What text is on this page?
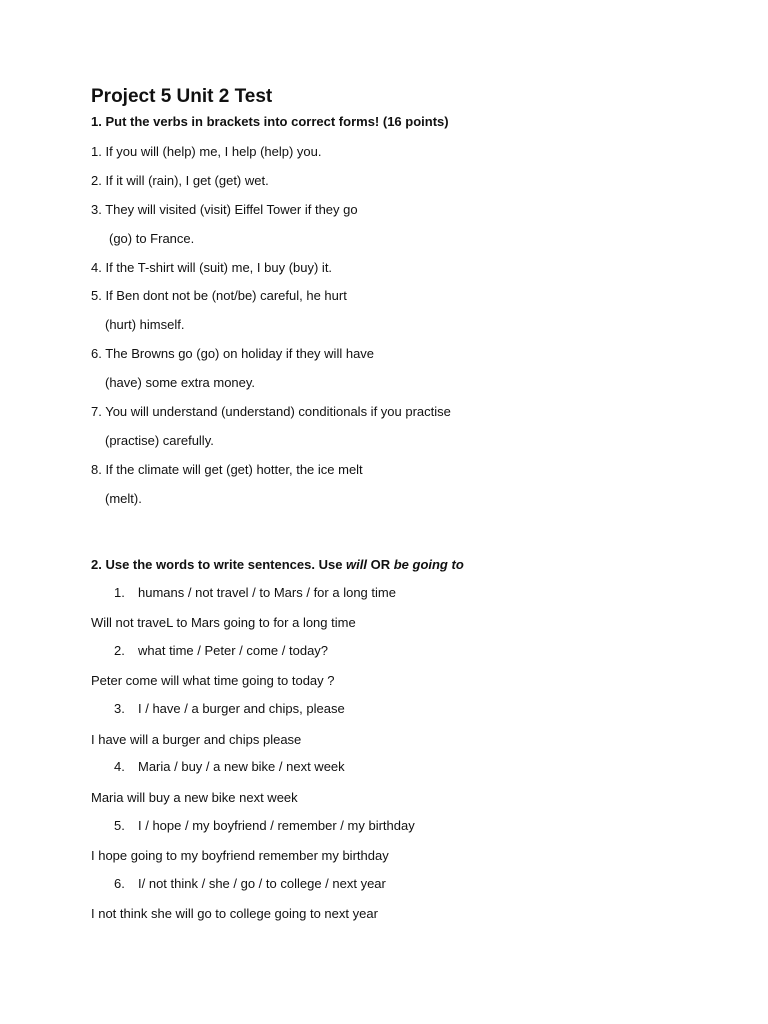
Project 5 Unit 2 Test
1. Put the verbs in brackets into correct forms! (16 points)
1. If you will (help) me, I help (help) you.
2. If it will (rain), I get (get) wet.
3. They will visited (visit) Eiffel Tower if they go
(go) to France.
4. If the T-shirt will (suit) me, I buy (buy) it.
5. If Ben dont not be (not/be) careful, he hurt
(hurt) himself.
6. The Browns go (go) on holiday if they will have
(have) some extra money.
7. You will understand (understand) conditionals if you practise
(practise) carefully.
8. If the climate will get (get) hotter, the ice melt
(melt).
2. Use the words to write sentences. Use will OR be going to
1. humans / not travel / to Mars / for a long time
Will not traveL to Mars going to for a long time
2. what time / Peter / come / today?
Peter come will what time going to today ?
3. I / have / a burger and chips, please
I have will a burger and chips please
4. Maria / buy / a new bike / next week
Maria will buy a new bike next week
5. I / hope / my boyfriend / remember / my birthday
I hope going to my boyfriend remember my birthday
6. I/ not think / she / go / to college / next year
I not think she will go to college going to next year
